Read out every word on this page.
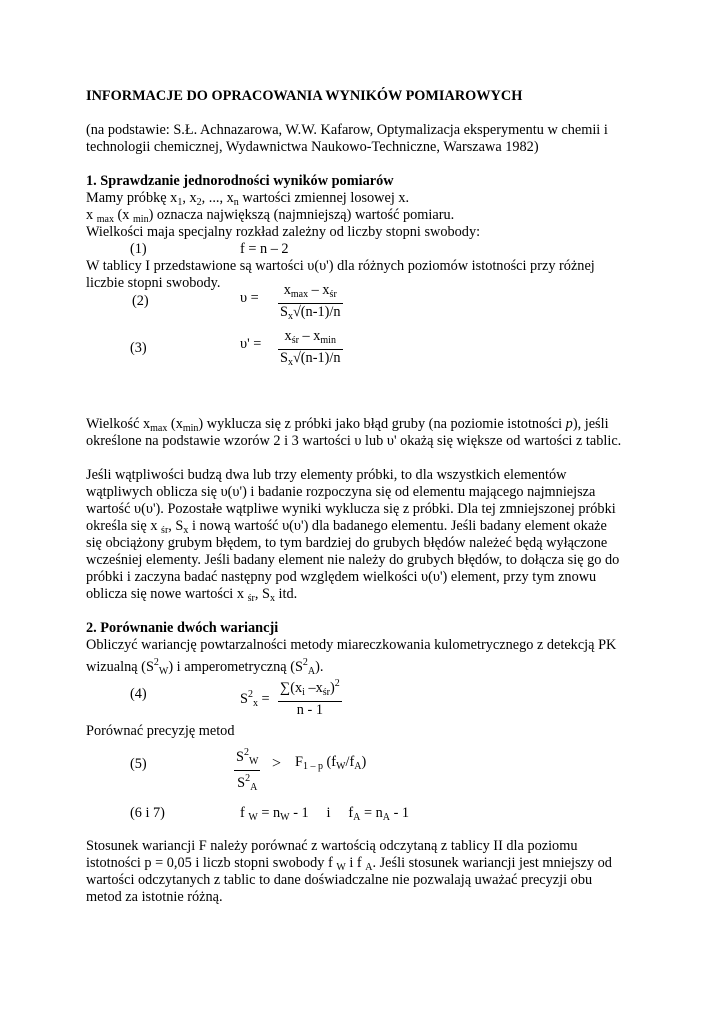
INFORMACJE DO OPRACOWANIA WYNIKÓW POMIAROWYCH
(na podstawie: S.Ł. Achnazarowa, W.W. Kafarow, Optymalizacja eksperymentu w chemii i
technologii chemicznej, Wydawnictwa Naukowo-Techniczne, Warszawa 1982)
1. Sprawdzanie jednorodności wyników pomiarów
Mamy próbkę $x_1$, $x_2$, ..., $x_n$ wartości zmiennej losowej x.
x $_{max}$ (x $_{min}$) oznacza największą (najmniejszą) wartość pomiaru.
Wielkości maja specjalny rozkład zależny od liczby stopni swobody:
(1)	f = n – 2
W tablicy I przedstawione są wartości υ(υ') dla różnych poziomów istotności przy różnej
liczbie stopni swobody.
(2)	υ =	$x_{max} - x_{śr}$
$S_x√(n-1)/n$
(3)	υ' =	$x_{śr} - x_{min}$
$S_x√(n-1)/n$
Wielkość $x_{max}$ $(x_{min})$ wyklucza się z próbki jako błąd gruby (na poziomie istotności p), jeśli
określone na podstawie wzorów 2 i 3 wartości υ lub υ' okażą się większe od wartości z tablic.
Jeśli wątpliwości budzą dwa lub trzy elementy próbki, to dla wszystkich elementów
wątpliwych oblicza się υ(υ') i badanie rozpoczyna się od elementu mającego najmniejsza
wartość υ(υ'). Pozostałe wątpliwe wyniki wyklucza się z próbki. Dla tej zmniejszonej próbki
określa się x $_{śr}$, $S_x$ i nową wartość υ(υ') dla badanego elementu. Jeśli badany element okaże
się obciążony grubym błędem, to tym bardziej do grubych błędów należeć będą wyłączone
wcześniej elementy. Jeśli badany element nie należy do grubych błędów, to dołącza się go do
próbki i zaczyna badać następny pod względem wielkości υ(υ') element, przy tym znowu
oblicza się nowe wartości x $_{śr}$, $S_x$ itd.
2. Porównanie dwóch wariancji
Obliczyć wariancję powtarzalności metody miareczkowania kulometrycznego z detekcją PK
wizualną $(S^2_W)$ i amperometryczną $(S^2_A)$.
(4)	$S^2_x$ =
$\sum(x_i$ $-x_{śr})^2$
n - 1
Porównać precyzję metod
(5)	$\frac{S^2_W}{S^2_A} > F_{1 - p}$ $(f_W/f_A)$
(6 i 7)	f $_W = n_W - 1$     i     $f_A = n_A - 1$
Stosunek wariancji F należy porównać z wartością odczytaną z tablicy II dla poziomu
istotności p = 0,05 i liczb stopni swobody f $_W$ i f $_A$. Jeśli stosunek wariancji jest mniejszy od
wartości odczytanych z tablic to dane doświadczalne nie pozwalają uważać precyzji obu
metod za istotnie różną.
